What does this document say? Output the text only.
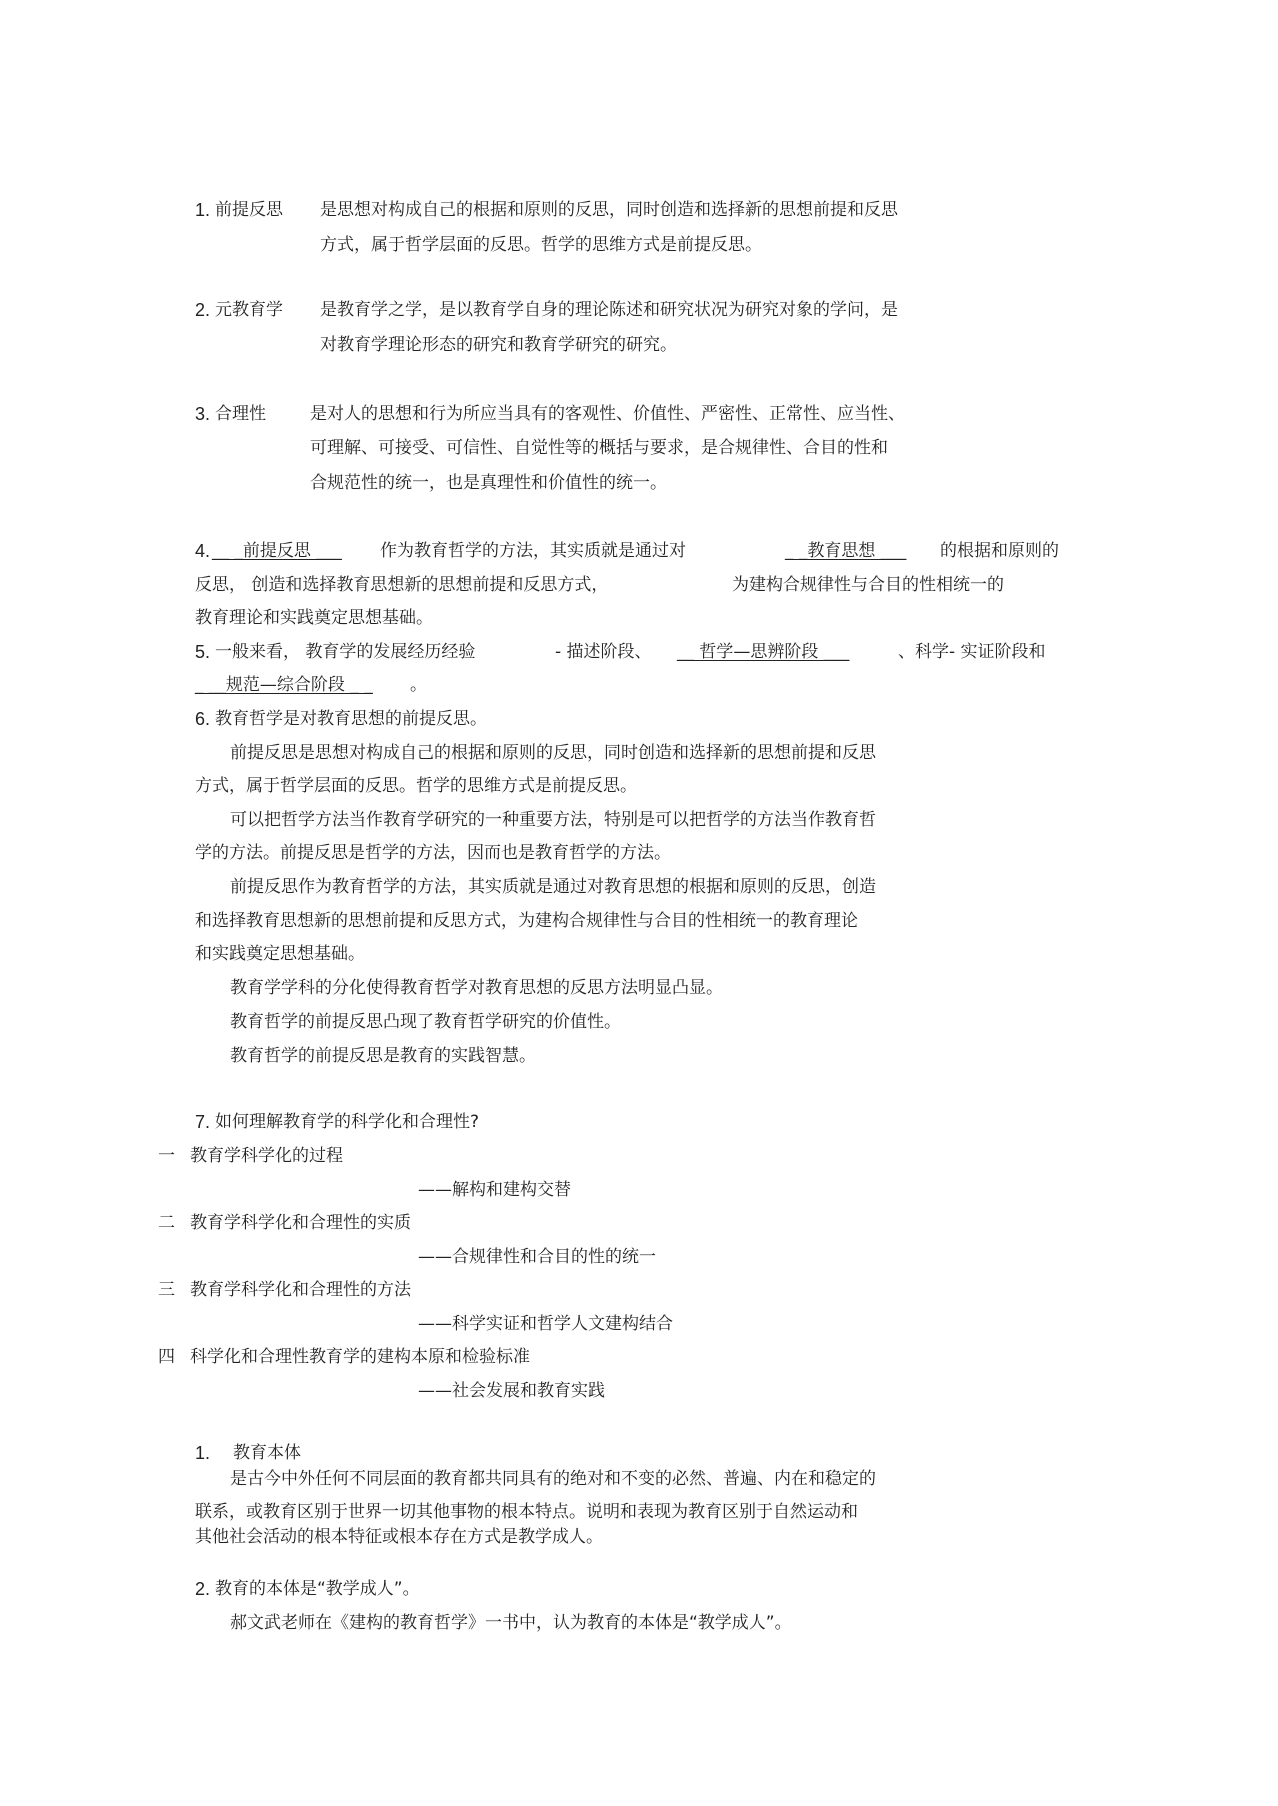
1. 前提反思 是思想对构成自己的根据和原则的反思，同时创造和选择新的思想前提和反思
方式，属于哲学层面的反思。哲学的思维方式是前提反思。
2. 元教育学 是教育学之学，是以教育学自身的理论陈述和研究状况为研究对象的学问，是
对教育学理论形态的研究和教育学研究的研究。
3. 合理性	是对人的思想和行为所应当具有的客观性、价值性、严密性、正常性、应当性、
可理解、可接受、可信性、自觉性等的概括与要求，是合规律性、合目的性和
合规范性的统一，也是真理性和价值性的统一。
4. __ _前提反思 ___ 作为教育哲学的方法，其实质就是通过对	_ _教育思想 ___ 的根据和原则的
反思， 创造和选择教育思想新的思想前提和反思方式，	为建构合规律性与合目的性相统一的
教育理论和实践奠定思想基础。
5. 一般来看， 教育学的发展经历经验	- 描述阶段、 __ 哲学—思辨阶段 ___	、科学- 实证阶段和
_ __规范—综合阶段 _ _ 。
6. 教育哲学是对教育思想的前提反思。
前提反思是思想对构成自己的根据和原则的反思，同时创造和选择新的思想前提和反思
方式，属于哲学层面的反思。哲学的思维方式是前提反思。
可以把哲学方法当作教育学研究的一种重要方法，特别是可以把哲学的方法当作教育哲
学的方法。前提反思是哲学的方法，因而也是教育哲学的方法。
前提反思作为教育哲学的方法，其实质就是通过对教育思想的根据和原则的反思，创造
和选择教育思想新的思想前提和反思方式，为建构合规律性与合目的性相统一的教育理论
和实践奠定思想基础。
教育学学科的分化使得教育哲学对教育思想的反思方法明显凸显。
教育哲学的前提反思凸现了教育哲学研究的价值性。
教育哲学的前提反思是教育的实践智慧。
7. 如何理解教育学的科学化和合理性?
一 教育学科学化的过程
——解构和建构交替
二 教育学科学化和合理性的实质
——合规律性和合目的性的统一
三 教育学科学化和合理性的方法
——科学实证和哲学人文建构结合
四 科学化和合理性教育学的建构本原和检验标准
——社会发展和教育实践
1. 教育本体
是古今中外任何不同层面的教育都共同具有的绝对和不变的必然、普遍、内在和稳定的
联系，或教育区别于世界一切其他事物的根本特点。说明和表现为教育区别于自然运动和
其他社会活动的根本特征或根本存在方式是教学成人。
2. 教育的本体是“教学成人”。
郝文武老师在《建构的教育哲学》一书中，认为教育的本体是“教学成人”。
